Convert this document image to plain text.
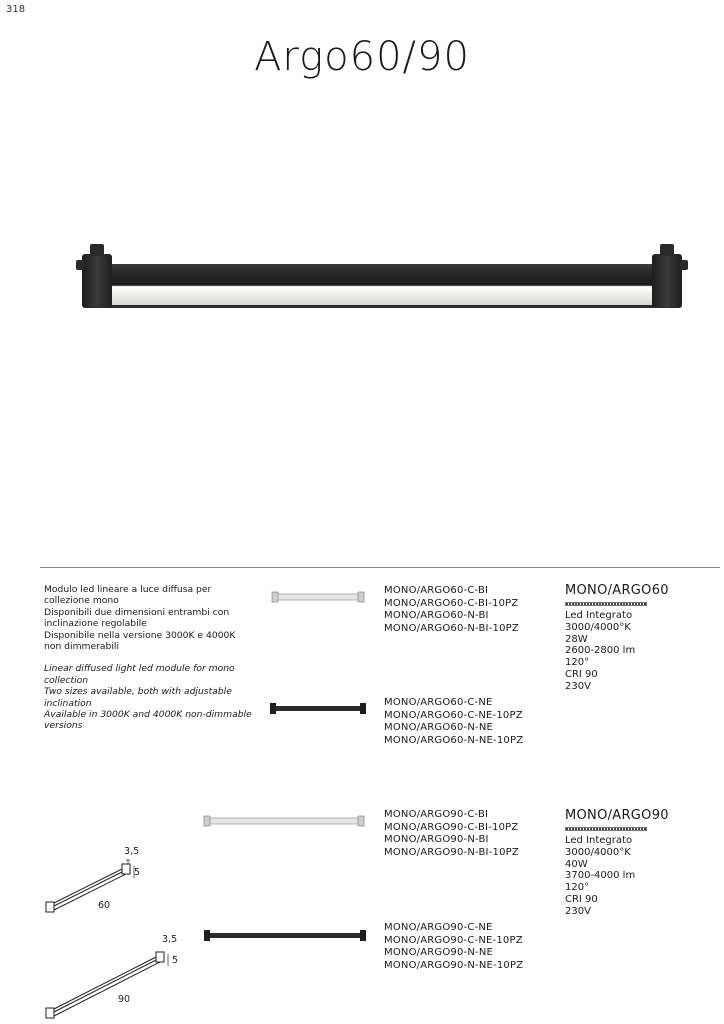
318
Argo60/90

Modulo led lineare a luce diffusa per

collezione mono

Disponibili due dimensioni entrambi con

inclinazione regolabile

Disponibile nella versione 3000K e 4000K

non dimmerabili

Linear diffused light led module for mono

collection

Two sizes available, both with adjustable

inclination

Available in 3000K and 4000K non-dimmable

versions

MONO/ARGO60-C-BI
MONO/ARGO60-C-BI-10PZ
MONO/ARGO60-N-BI
MONO/ARGO60-N-BI-10PZ
MONO/ARGO60-C-NE
MONO/ARGO60-C-NE-10PZ
MONO/ARGO60-N-NE
MONO/ARGO60-N-NE-10PZ
MONO/ARGO90-C-BI
MONO/ARGO90-C-BI-10PZ
MONO/ARGO90-N-BI
MONO/ARGO90-N-BI-10PZ
MONO/ARGO90-C-NE
MONO/ARGO90-C-NE-10PZ
MONO/ARGO90-N-NE
MONO/ARGO90-N-NE-10PZ
MONO/ARGO60
Led Integrato
3000/4000°K
28W
2600-2800 lm
120°
CRI 90
230V
MONO/ARGO90
Led Integrato
3000/4000°K
40W
3700-4000 lm
120°
CRI 90
230V
3,5
5
60
3,5
5
90
